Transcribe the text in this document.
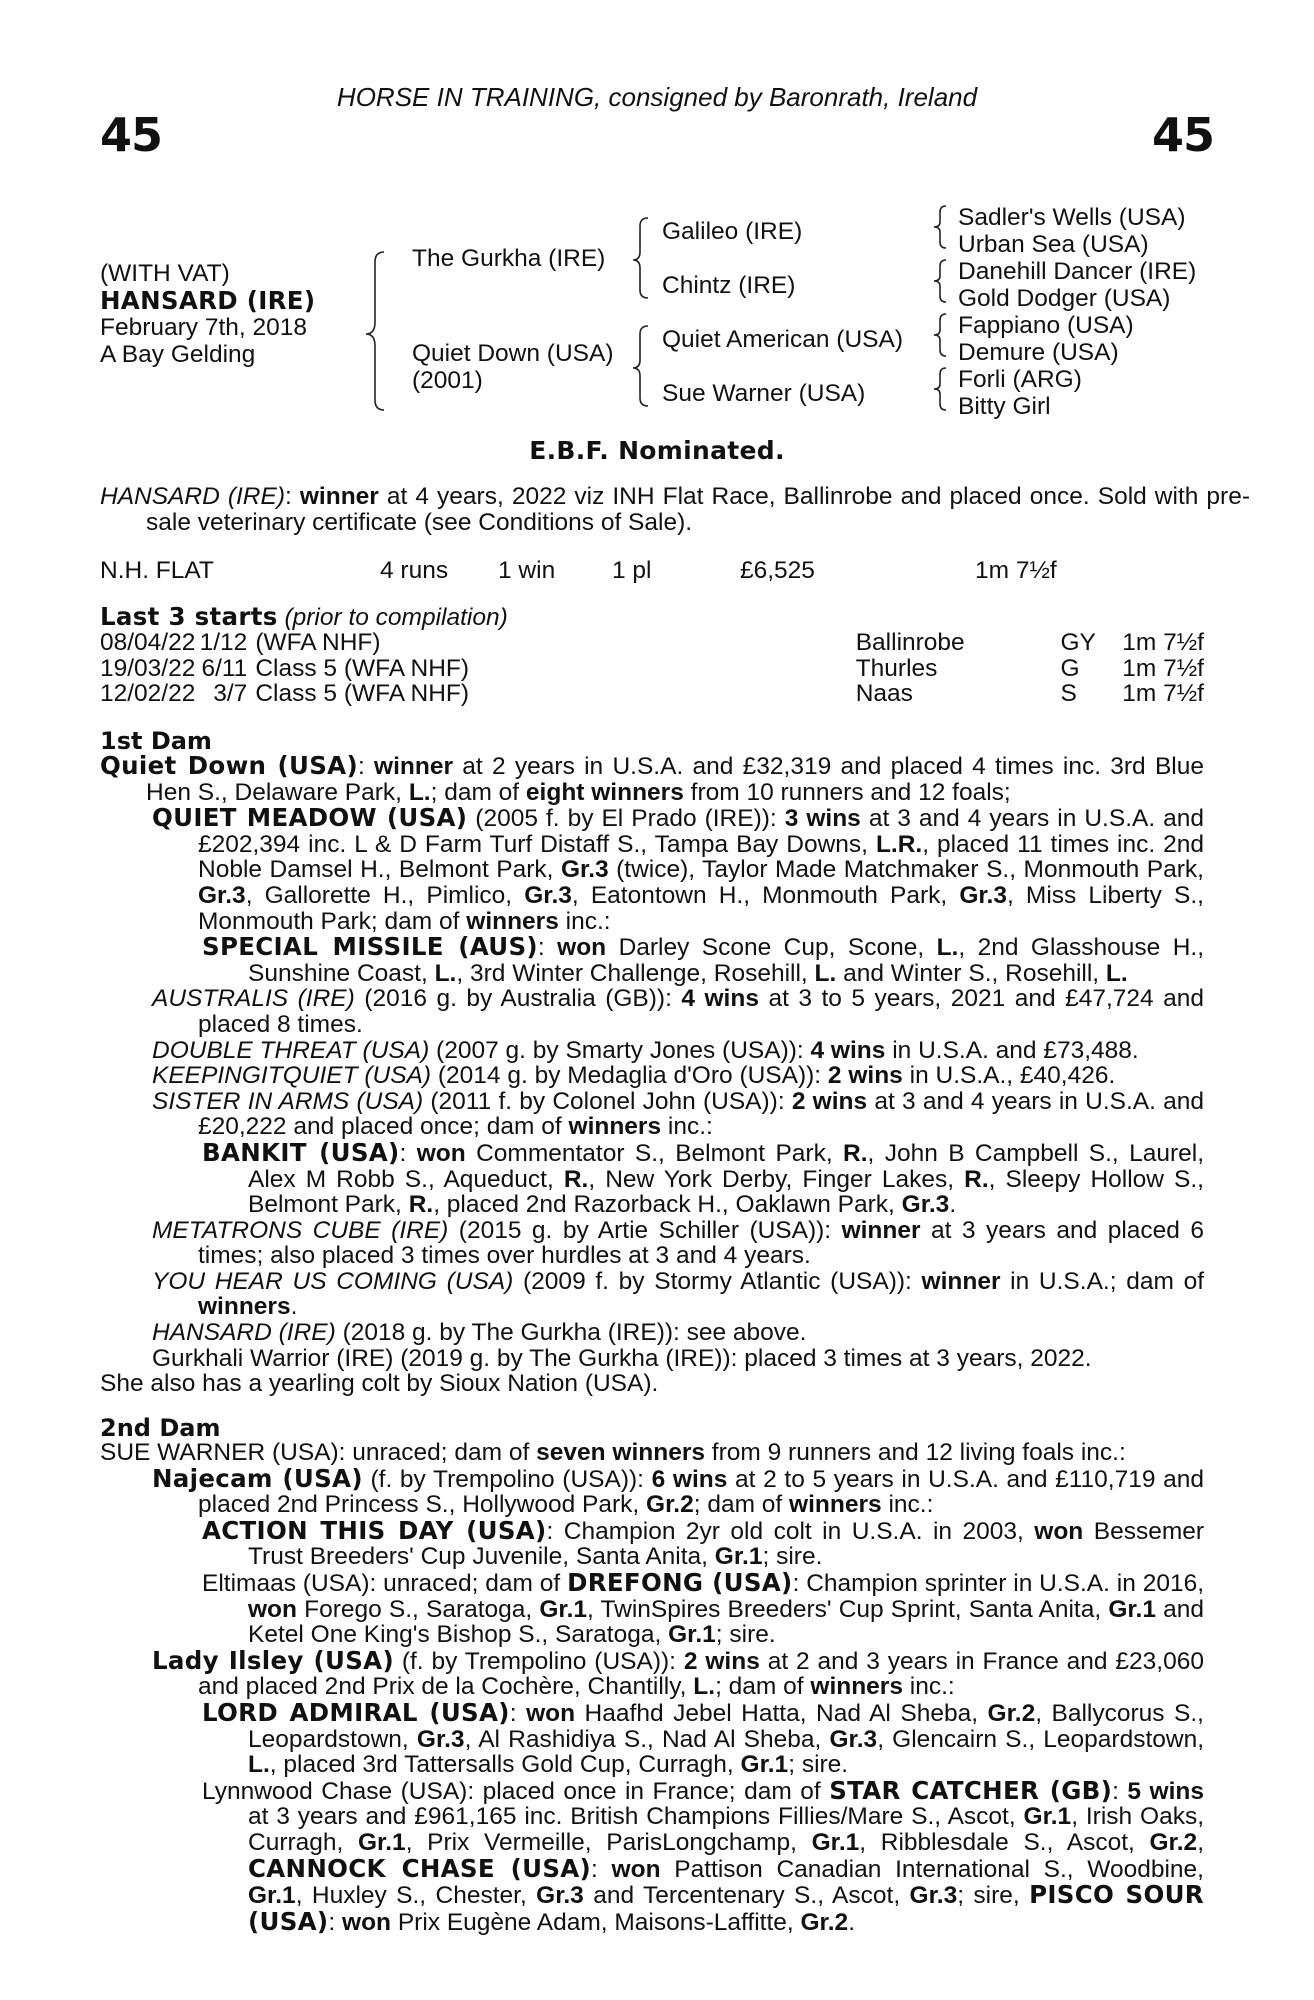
HORSE IN TRAINING, consigned by Baronrath, Ireland
45	45
(WITH VAT)
HANSARD (IRE)
February 7th, 2018
A Bay Gelding
The Gurkha (IRE)
Quiet Down (USA)
(2001)
Galileo (IRE)
Chintz (IRE)
Quiet American (USA)
Sue Warner (USA)
Sadler's Wells (USA)
Urban Sea (USA)
Danehill Dancer (IRE)
Gold Dodger (USA)
Fappiano (USA)
Demure (USA)
Forli (ARG)
Bitty Girl
E.B.F. Nominated.
HANSARD (IRE): winner at 4 years, 2022 viz INH Flat Race, Ballinrobe and placed once. Sold with pre-sale veterinary certificate (see Conditions of Sale).
N.H. FLAT	4 runs 1 win 1 pl	£6,525	1m 7½f
Last 3 starts (prior to compilation)
08/04/22	1/12	(WFA NHF)	Ballinrobe	GY	1m 7½f
19/03/22	6/11	Class 5 (WFA NHF)	Thurles	G	1m 7½f
12/02/22	3/7	Class 5 (WFA NHF)	Naas	S	1m 7½f
1st Dam
Quiet Down (USA): winner at 2 years in U.S.A. and £32,319 and placed 4 times inc. 3rd Blue Hen S., Delaware Park, L.; dam of eight winners from 10 runners and 12 foals;
QUIET MEADOW (USA) (2005 f. by El Prado (IRE)): 3 wins at 3 and 4 years in U.S.A. and £202,394 inc. L & D Farm Turf Distaff S., Tampa Bay Downs, L.R., placed 11 times inc. 2nd Noble Damsel H., Belmont Park, Gr.3 (twice), Taylor Made Matchmaker S., Monmouth Park, Gr.3, Gallorette H., Pimlico, Gr.3, Eatontown H., Monmouth Park, Gr.3, Miss Liberty S., Monmouth Park; dam of winners inc.:
SPECIAL MISSILE (AUS): won Darley Scone Cup, Scone, L., 2nd Glasshouse H., Sunshine Coast, L., 3rd Winter Challenge, Rosehill, L. and Winter S., Rosehill, L.
AUSTRALIS (IRE) (2016 g. by Australia (GB)): 4 wins at 3 to 5 years, 2021 and £47,724 and placed 8 times.
DOUBLE THREAT (USA) (2007 g. by Smarty Jones (USA)): 4 wins in U.S.A. and £73,488.
KEEPINGITQUIET (USA) (2014 g. by Medaglia d'Oro (USA)): 2 wins in U.S.A., £40,426.
SISTER IN ARMS (USA) (2011 f. by Colonel John (USA)): 2 wins at 3 and 4 years in U.S.A. and £20,222 and placed once; dam of winners inc.:
BANKIT (USA): won Commentator S., Belmont Park, R., John B Campbell S., Laurel, Alex M Robb S., Aqueduct, R., New York Derby, Finger Lakes, R., Sleepy Hollow S., Belmont Park, R., placed 2nd Razorback H., Oaklawn Park, Gr.3.
METATRONS CUBE (IRE) (2015 g. by Artie Schiller (USA)): winner at 3 years and placed 6 times; also placed 3 times over hurdles at 3 and 4 years.
YOU HEAR US COMING (USA) (2009 f. by Stormy Atlantic (USA)): winner in U.S.A.; dam of winners.
HANSARD (IRE) (2018 g. by The Gurkha (IRE)): see above.
Gurkhali Warrior (IRE) (2019 g. by The Gurkha (IRE)): placed 3 times at 3 years, 2022.
She also has a yearling colt by Sioux Nation (USA).
2nd Dam
SUE WARNER (USA): unraced; dam of seven winners from 9 runners and 12 living foals inc.:
Najecam (USA) (f. by Trempolino (USA)): 6 wins at 2 to 5 years in U.S.A. and £110,719 and placed 2nd Princess S., Hollywood Park, Gr.2; dam of winners inc.:
ACTION THIS DAY (USA): Champion 2yr old colt in U.S.A. in 2003, won Bessemer Trust Breeders' Cup Juvenile, Santa Anita, Gr.1; sire.
Eltimaas (USA): unraced; dam of DREFONG (USA): Champion sprinter in U.S.A. in 2016, won Forego S., Saratoga, Gr.1, TwinSpires Breeders' Cup Sprint, Santa Anita, Gr.1 and Ketel One King's Bishop S., Saratoga, Gr.1; sire.
Lady Ilsley (USA) (f. by Trempolino (USA)): 2 wins at 2 and 3 years in France and £23,060 and placed 2nd Prix de la Cochère, Chantilly, L.; dam of winners inc.:
LORD ADMIRAL (USA): won Haafhd Jebel Hatta, Nad Al Sheba, Gr.2, Ballycorus S., Leopardstown, Gr.3, Al Rashidiya S., Nad Al Sheba, Gr.3, Glencairn S., Leopardstown, L., placed 3rd Tattersalls Gold Cup, Curragh, Gr.1; sire.
Lynnwood Chase (USA): placed once in France; dam of STAR CATCHER (GB): 5 wins at 3 years and £961,165 inc. British Champions Fillies/Mare S., Ascot, Gr.1, Irish Oaks, Curragh, Gr.1, Prix Vermeille, ParisLongchamp, Gr.1, Ribblesdale S., Ascot, Gr.2, CANNOCK CHASE (USA): won Pattison Canadian International S., Woodbine, Gr.1, Huxley S., Chester, Gr.3 and Tercentenary S., Ascot, Gr.3; sire, PISCO SOUR (USA): won Prix Eugène Adam, Maisons-Laffitte, Gr.2.
